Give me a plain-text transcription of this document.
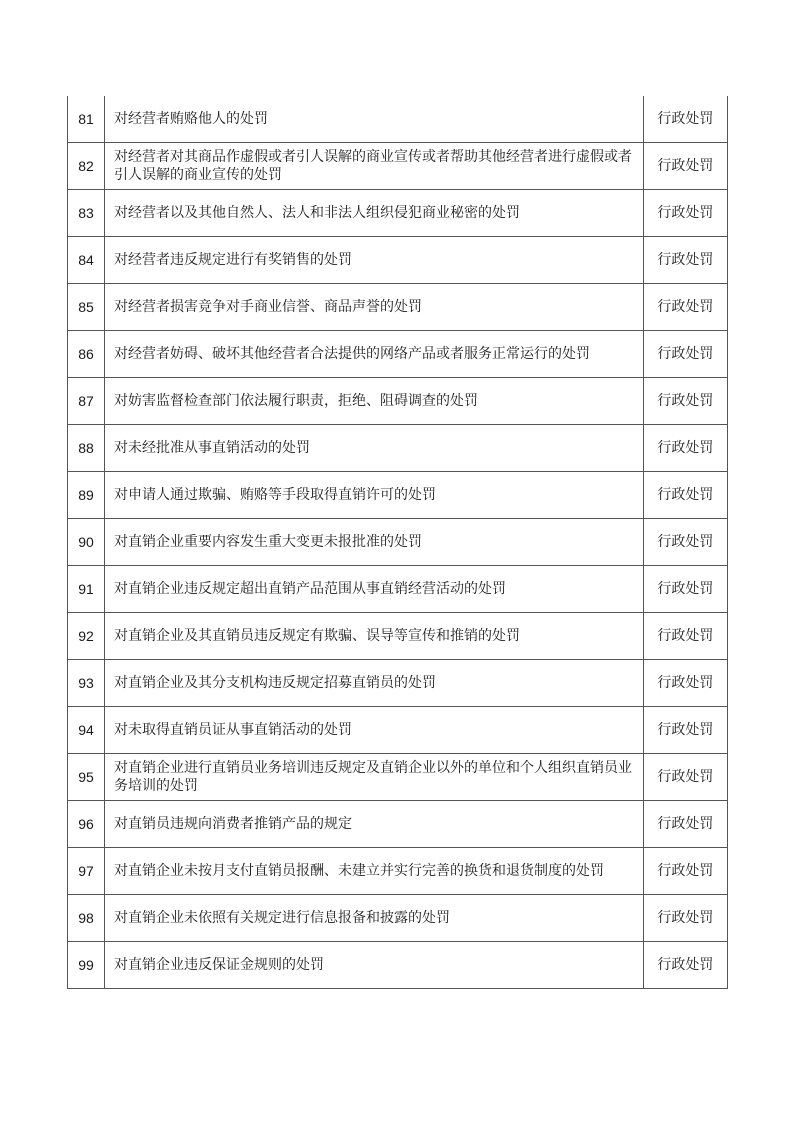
81	对经营者贿赂他人的处罚	行政处罚
82	对经营者对其商品作虚假或者引人误解的商业宣传或者帮助其他经营者进行虚假或者引人误解的商业宣传的处罚	行政处罚
83	对经营者以及其他自然人、法人和非法人组织侵犯商业秘密的处罚	行政处罚
84	对经营者违反规定进行有奖销售的处罚	行政处罚
85	对经营者损害竞争对手商业信誉、商品声誉的处罚	行政处罚
86	对经营者妨碍、破坏其他经营者合法提供的网络产品或者服务正常运行的处罚	行政处罚
87	对妨害监督检查部门依法履行职责，拒绝、阻碍调查的处罚	行政处罚
88	对未经批准从事直销活动的处罚	行政处罚
89	对申请人通过欺骗、贿赂等手段取得直销许可的处罚	行政处罚
90	对直销企业重要内容发生重大变更未报批准的处罚	行政处罚
91	对直销企业违反规定超出直销产品范围从事直销经营活动的处罚	行政处罚
92	对直销企业及其直销员违反规定有欺骗、误导等宣传和推销的处罚	行政处罚
93	对直销企业及其分支机构违反规定招募直销员的处罚	行政处罚
94	对未取得直销员证从事直销活动的处罚	行政处罚
95	对直销企业进行直销员业务培训违反规定及直销企业以外的单位和个人组织直销员业务培训的处罚	行政处罚
96	对直销员违规向消费者推销产品的规定	行政处罚
97	对直销企业未按月支付直销员报酬、未建立并实行完善的换货和退货制度的处罚	行政处罚
98	对直销企业未依照有关规定进行信息报备和披露的处罚	行政处罚
99	对直销企业违反保证金规则的处罚	行政处罚
